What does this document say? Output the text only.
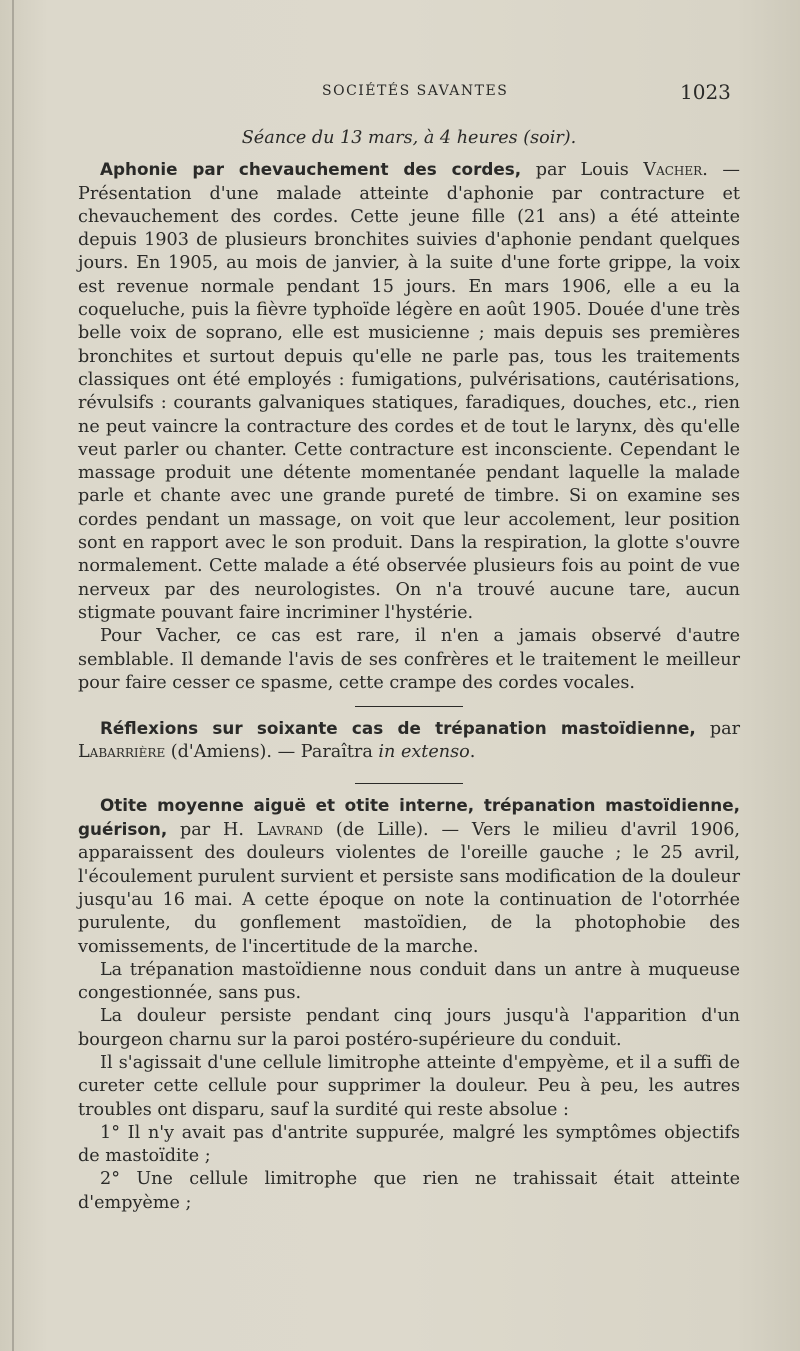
SOCIÉTÉS SAVANTES	1023

Séance du 13 mars, à 4 heures (soir).

Aphonie par chevauchement des cordes, par Louis Vacher. — Présentation d'une malade atteinte d'aphonie par contracture et chevauchement des cordes. Cette jeune fille (21 ans) a été atteinte depuis 1903 de plusieurs bronchites suivies d'aphonie pendant quelques jours. En 1905, au mois de janvier, à la suite d'une forte grippe, la voix est revenue normale pendant 15 jours. En mars 1906, elle a eu la coqueluche, puis la fièvre typhoïde légère en août 1905. Douée d'une très belle voix de soprano, elle est musicienne ; mais depuis ses premières bronchites et surtout depuis qu'elle ne parle pas, tous les traitements classiques ont été employés : fumigations, pulvérisations, cautérisations, révulsifs : courants galvaniques statiques, faradiques, douches, etc., rien ne peut vaincre la contracture des cordes et de tout le larynx, dès qu'elle veut parler ou chanter. Cette contracture est inconsciente. Cependant le massage produit une détente momentanée pendant laquelle la malade parle et chante avec une grande pureté de timbre. Si on examine ses cordes pendant un massage, on voit que leur accolement, leur position sont en rapport avec le son produit. Dans la respiration, la glotte s'ouvre normalement. Cette malade a été observée plusieurs fois au point de vue nerveux par des neurologistes. On n'a trouvé aucune tare, aucun stigmate pouvant faire incriminer l'hystérie.

Pour Vacher, ce cas est rare, il n'en a jamais observé d'autre semblable. Il demande l'avis de ses confrères et le traitement le meilleur pour faire cesser ce spasme, cette crampe des cordes vocales.

Réflexions sur soixante cas de trépanation mastoïdienne, par Labarrière (d'Amiens). — Paraîtra in extenso.

Otite moyenne aiguë et otite interne, trépanation mastoïdienne, guérison, par H. Lavrand (de Lille). — Vers le milieu d'avril 1906, apparaissent des douleurs violentes de l'oreille gauche ; le 25 avril, l'écoulement purulent survient et persiste sans modification de la douleur jusqu'au 16 mai. A cette époque on note la continuation de l'otorrhée purulente, du gonflement mastoïdien, de la photophobie des vomissements, de l'incertitude de la marche.

La trépanation mastoïdienne nous conduit dans un antre à muqueuse congestionnée, sans pus.

La douleur persiste pendant cinq jours jusqu'à l'apparition d'un bourgeon charnu sur la paroi postéro-supérieure du conduit.

Il s'agissait d'une cellule limitrophe atteinte d'empyème, et il a suffi de cureter cette cellule pour supprimer la douleur. Peu à peu, les autres troubles ont disparu, sauf la surdité qui reste absolue :

1° Il n'y avait pas d'antrite suppurée, malgré les symptômes objectifs de mastoïdite ;

2° Une cellule limitrophe que rien ne trahissait était atteinte d'empyème ;
